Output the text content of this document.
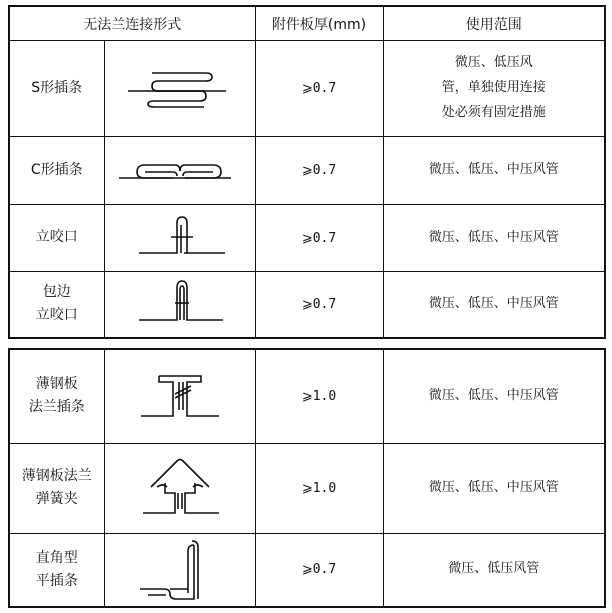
无法兰连接形式		附件板厚(mm)	使用范围
S形插条		⩾0.7	微压、低压风
管，单独使用连接
处必须有固定措施
C形插条		⩾0.7	微压、低压、中压风管
立咬口		⩾0.7	微压、低压、中压风管
包边
立咬口		⩾0.7	微压、低压、中压风管
薄钢板
法兰插条		⩾1.0	微压、低压、中压风管
薄钢板法兰
弹簧夹		⩾1.0	微压、低压、中压风管
直角型
平插条		⩾0.7	微压、低压风管
